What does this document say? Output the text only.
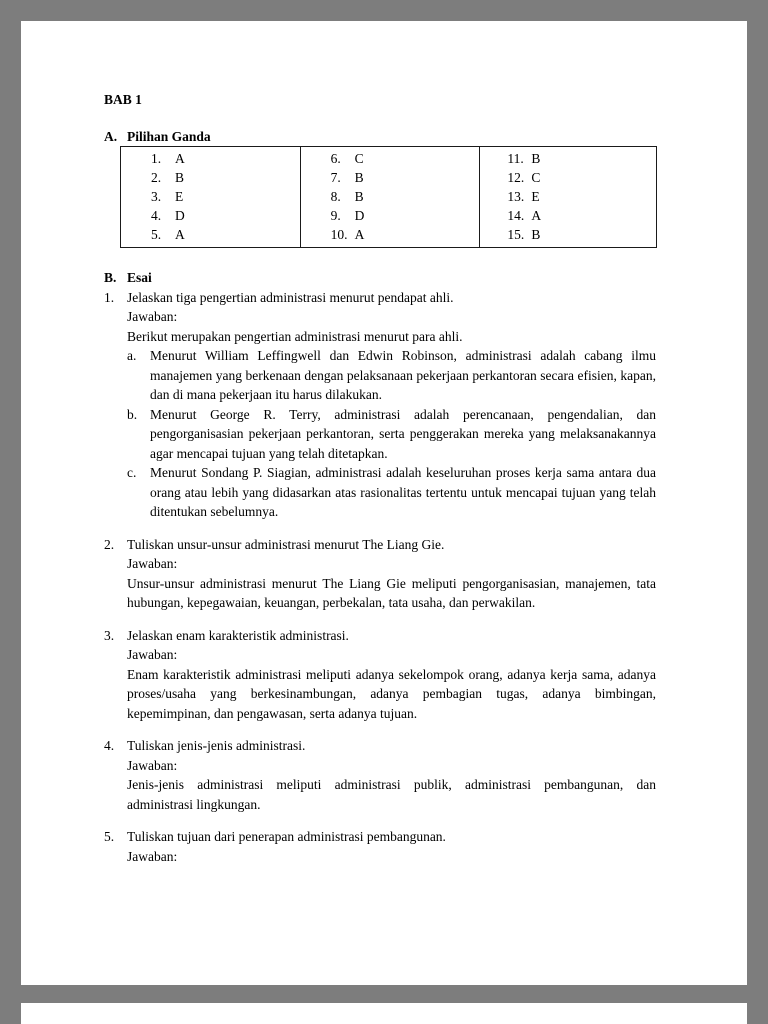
BAB 1

A. Pilihan Ganda
1. A
2. B
3. E
4. D
5. A
6. C
7. B
8. B
9. D
10. A
11. B
12. C
13. E
14. A
15. B
B. Esai
1. Jelaskan tiga pengertian administrasi menurut pendapat ahli.

Jawaban:

Berikut merupakan pengertian administrasi menurut para ahli.

a.	Menurut William Leffingwell dan Edwin Robinson, administrasi adalah cabang ilmu manajemen yang berkenaan dengan pelaksanaan pekerjaan perkantoran secara efisien, kapan, dan di mana pekerjaan itu harus dilakukan.

b. Menurut George R. Terry, administrasi adalah perencanaan, pengendalian, dan pengorganisasian pekerjaan perkantoran, serta penggerakan mereka yang melaksanakannya agar mencapai tujuan yang telah ditetapkan.

c.	Menurut Sondang P. Siagian, administrasi adalah keseluruhan proses kerja sama antara dua orang atau lebih yang didasarkan atas rasionalitas tertentu untuk mencapai tujuan yang telah ditentukan sebelumnya.

2. Tuliskan unsur-unsur administrasi menurut The Liang Gie.

Jawaban:

Unsur-unsur administrasi menurut The Liang Gie meliputi pengorganisasian, manajemen, tata hubungan, kepegawaian, keuangan, perbekalan, tata usaha, dan perwakilan.

3. Jelaskan enam karakteristik administrasi.

Jawaban:

Enam karakteristik administrasi meliputi adanya sekelompok orang, adanya kerja sama, adanya proses/usaha yang berkesinambungan, adanya pembagian tugas, adanya bimbingan, kepemimpinan, dan pengawasan, serta adanya tujuan.

4. Tuliskan jenis-jenis administrasi.

Jawaban:

Jenis-jenis administrasi meliputi administrasi publik, administrasi pembangunan, dan administrasi lingkungan.

5. Tuliskan tujuan dari penerapan administrasi pembangunan.

Jawaban:
